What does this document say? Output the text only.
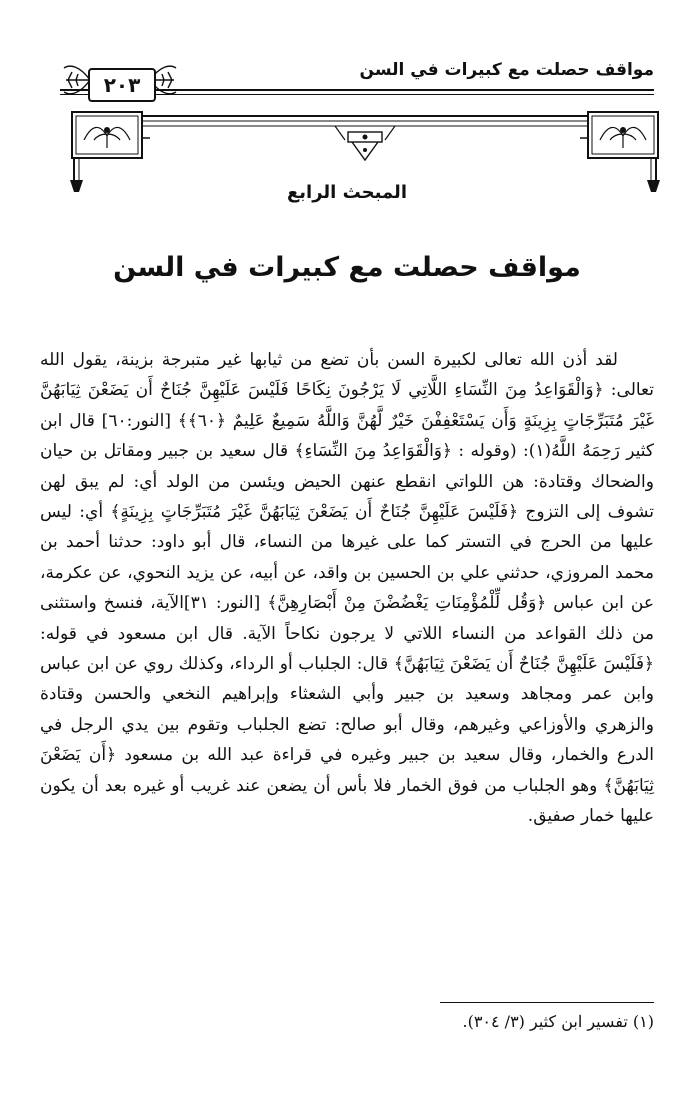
مواقف حصلت مع كبيرات في السن
٢٠٣
المبحث الرابع
مواقف حصلت مع كبيرات في السن

لقد أذن الله تعالى لكبيرة السن بأن تضع من ثيابها غير متبرجة بزينة، يقول الله تعالى: ﴿وَالْقَوَاعِدُ مِنَ النِّسَاءِ اللَّاتِي لَا يَرْجُونَ نِكَاحًا فَلَيْسَ عَلَيْهِنَّ جُنَاحٌ أَن يَضَعْنَ ثِيَابَهُنَّ غَيْرَ مُتَبَرِّجَاتٍ بِزِينَةٍ وَأَن يَسْتَعْفِفْنَ خَيْرٌ لَّهُنَّ وَاللَّهُ سَمِيعٌ عَلِيمٌ ﴿٦٠﴾﴾ [النور:٦٠] قال ابن كثير رَحِمَهُ اللَّهُ(١): (وقوله : ﴿وَالْقَوَاعِدُ مِنَ النِّسَاءِ﴾ قال سعيد بن جبير ومقاتل بن حيان والضحاك وقتادة: هن اللواتي انقطع عنهن الحيض ويئسن من الولد أي: لم يبق لهن تشوف إلى التزوج ﴿فَلَيْسَ عَلَيْهِنَّ جُنَاحٌ أَن يَضَعْنَ ثِيَابَهُنَّ غَيْرَ مُتَبَرِّجَاتٍ بِزِينَةٍ﴾ أي: ليس عليها من الحرج في التستر كما على غيرها من النساء، قال أبو داود: حدثنا أحمد بن محمد المروزي، حدثني علي بن الحسين بن واقد، عن أبيه، عن يزيد النحوي، عن عكرمة، عن ابن عباس ﴿وَقُل لِّلْمُؤْمِنَاتِ يَغْضُضْنَ مِنْ أَبْصَارِهِنَّ﴾ [النور: ٣١]الآية، فنسخ واستثنى من ذلك القواعد من النساء اللاتي لا يرجون نكاحاً الآية. قال ابن مسعود في قوله: ﴿فَلَيْسَ عَلَيْهِنَّ جُنَاحٌ أَن يَضَعْنَ ثِيَابَهُنَّ﴾ قال: الجلباب أو الرداء، وكذلك روي عن ابن عباس وابن عمر ومجاهد وسعيد بن جبير وأبي الشعثاء وإبراهيم النخعي والحسن وقتادة والزهري والأوزاعي وغيرهم، وقال أبو صالح: تضع الجلباب وتقوم بين يدي الرجل في الدرع والخمار، وقال سعيد بن جبير وغيره في قراءة عبد الله بن مسعود ﴿أَن يَضَعْنَ ثِيَابَهُنَّ﴾ وهو الجلباب من فوق الخمار فلا بأس أن يضعن عند غريب أو غيره بعد أن يكون عليها خمار صفيق.

(١) تفسير ابن كثير (٣/ ٣٠٤).
